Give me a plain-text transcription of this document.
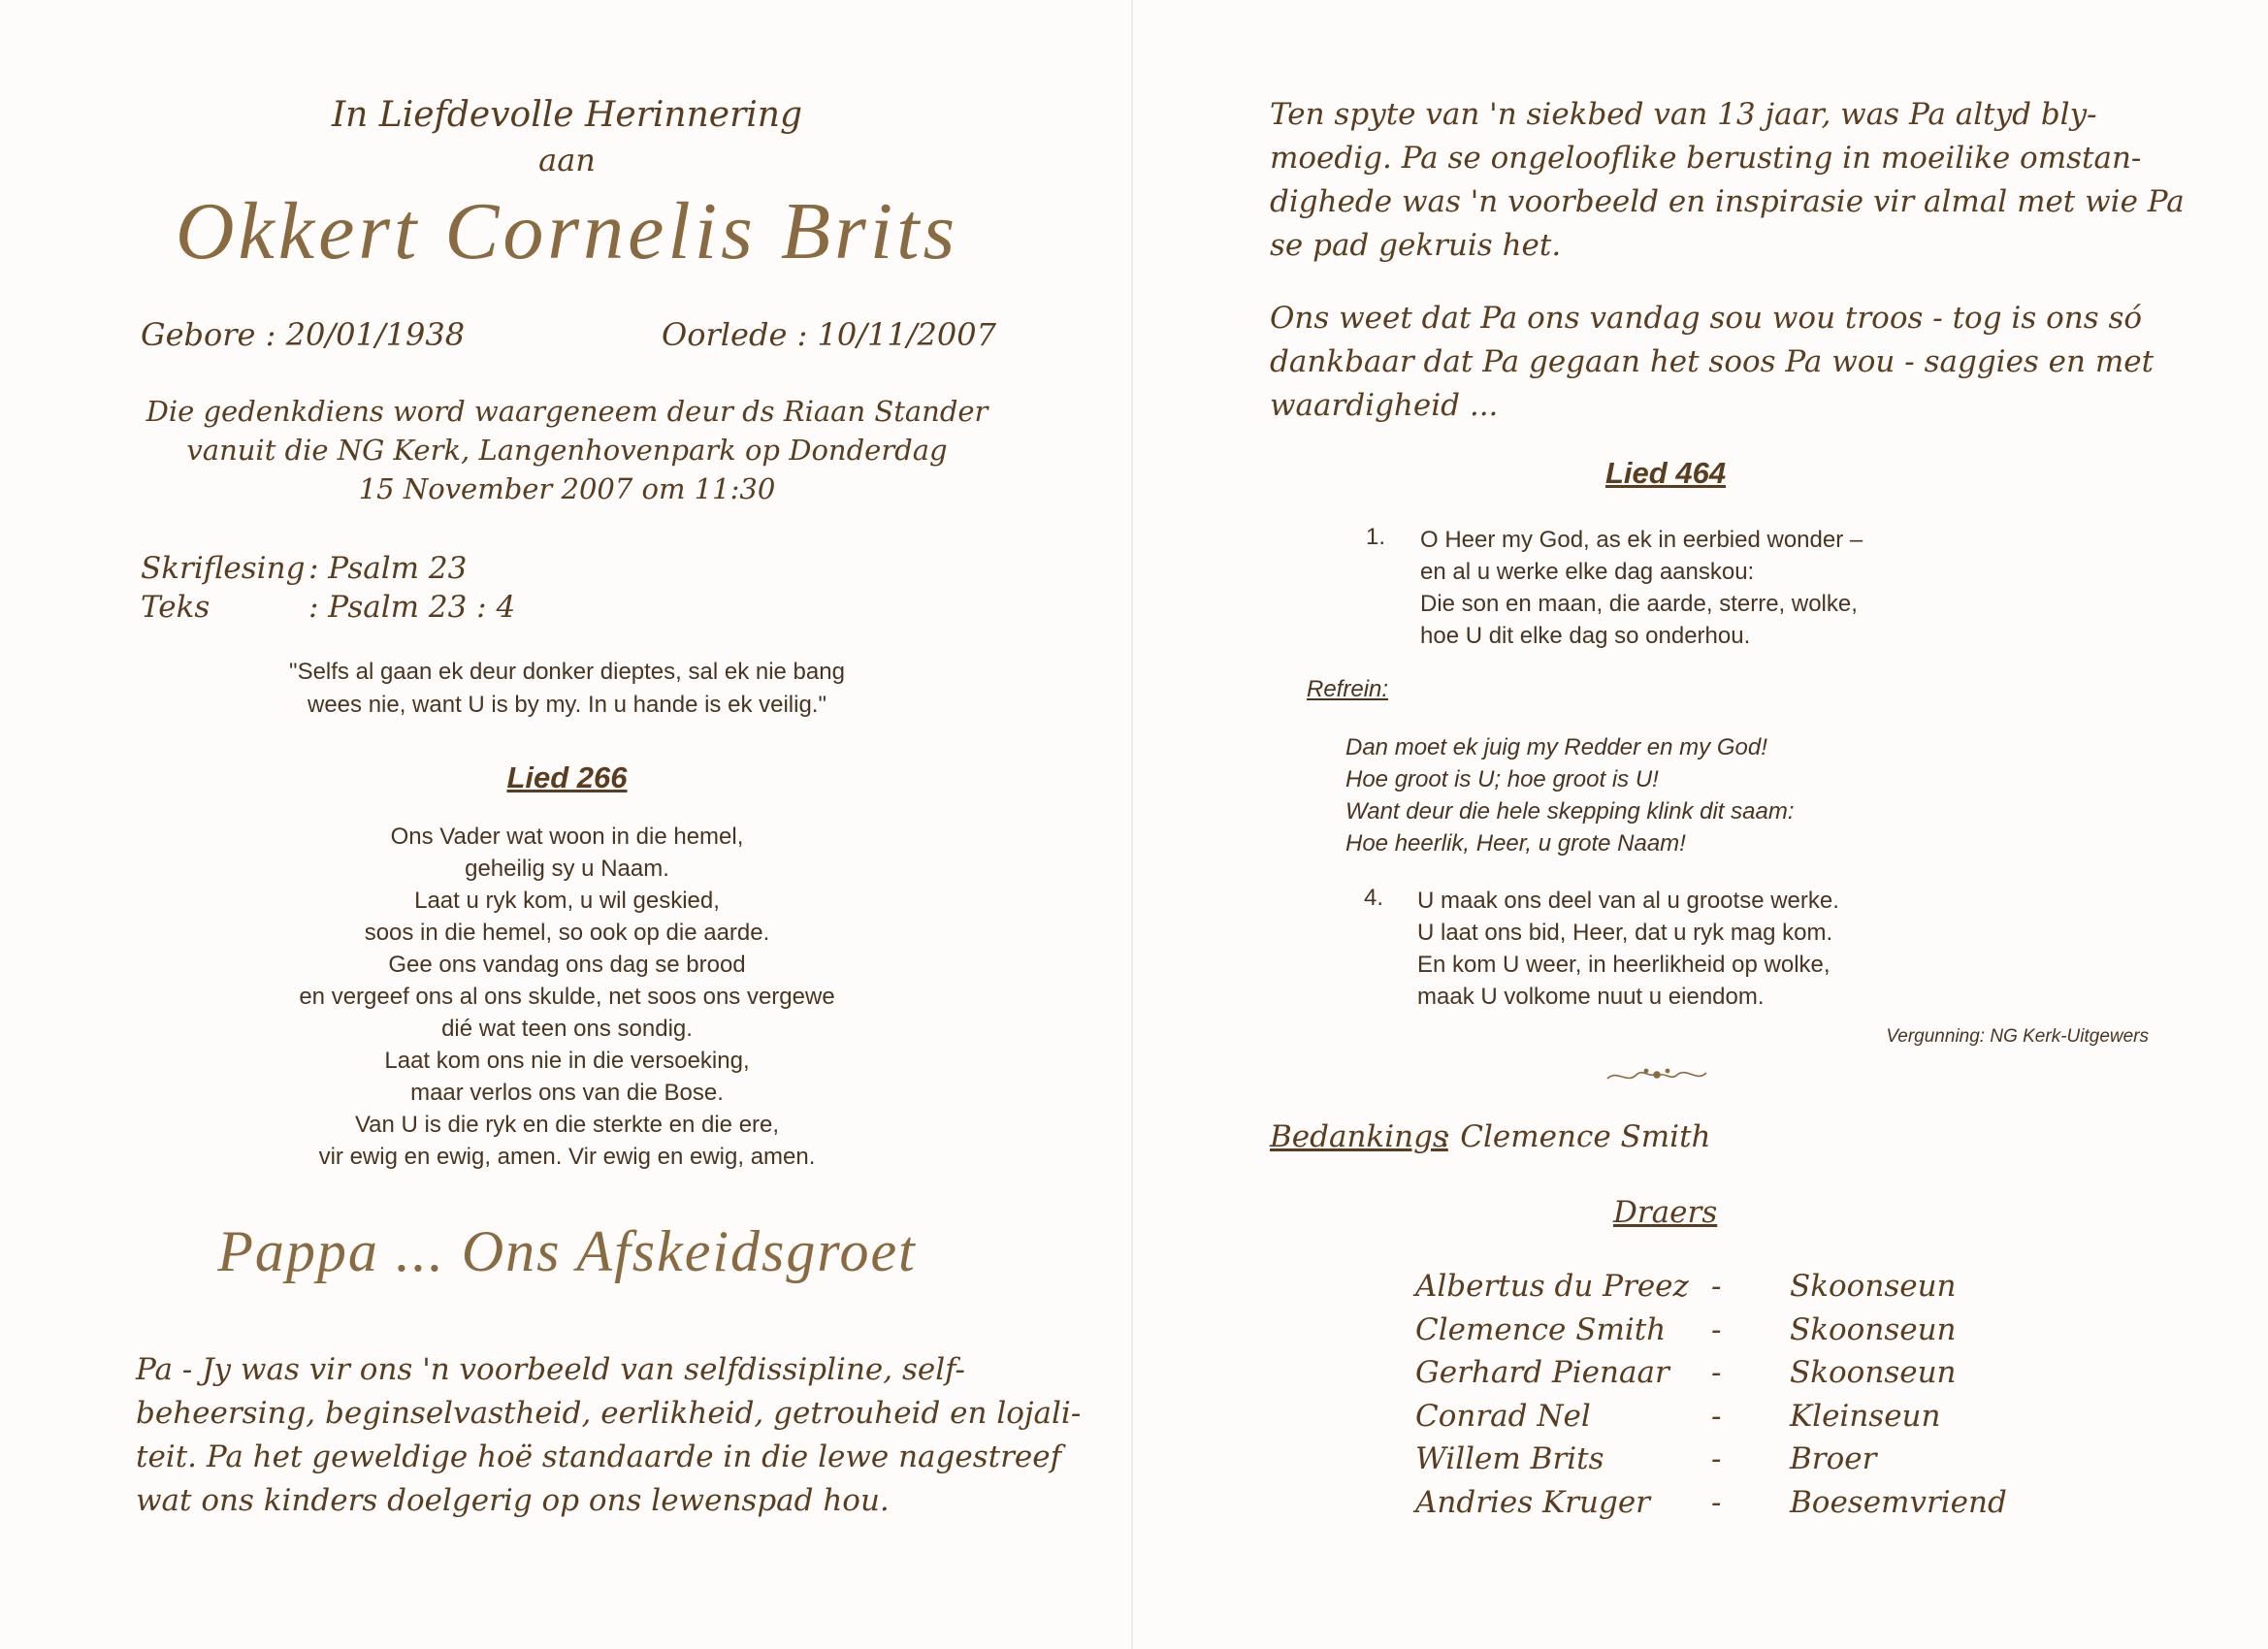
In Liefdevolle Herinnering
aan
Okkert Cornelis Brits
Gebore : 20/01/1938	Oorlede : 10/11/2007
Die gedenkdiens word waargeneem deur ds Riaan Stander
vanuit die NG Kerk, Langenhovenpark op Donderdag
15 November 2007 om 11:30
Skriflesing : Psalm 23
Teks	: Psalm 23 : 4
"Selfs al gaan ek deur donker dieptes, sal ek nie bang
wees nie, want U is by my. In u hande is ek veilig."
Lied 266
Ons Vader wat woon in die hemel,
geheilig sy u Naam.
Laat u ryk kom, u wil geskied,
soos in die hemel, so ook op die aarde.
Gee ons vandag ons dag se brood
en vergeef ons al ons skulde, net soos ons vergewe
dié wat teen ons sondig.
Laat kom ons nie in die versoeking,
maar verlos ons van die Bose.
Van U is die ryk en die sterkte en die ere,
vir ewig en ewig, amen. Vir ewig en ewig, amen.
Pappa ... Ons Afskeidsgroet
Pa - Jy was vir ons 'n voorbeeld van selfdissipline, self-
beheersing, beginselvastheid, eerlikheid, getrouheid en lojali-
teit. Pa het geweldige hoë standaarde in die lewe nagestreef
wat ons kinders doelgerig op ons lewenspad hou.
Ten spyte van 'n siekbed van 13 jaar, was Pa altyd bly-
moedig. Pa se ongelooflike berusting in moeilike omstan-
dighede was 'n voorbeeld en inspirasie vir almal met wie Pa
se pad gekruis het.
Ons weet dat Pa ons vandag sou wou troos - tog is ons só
dankbaar dat Pa gegaan het soos Pa wou - saggies en met
waardigheid ...
Lied 464
1. O Heer my God, as ek in eerbied wonder –
en al u werke elke dag aanskou:
Die son en maan, die aarde, sterre, wolke,
hoe U dit elke dag so onderhou.
Refrein:
Dan moet ek juig my Redder en my God!
Hoe groot is U; hoe groot is U!
Want deur die hele skepping klink dit saam:
Hoe heerlik, Heer, u grote Naam!
4. U maak ons deel van al u grootse werke.
U laat ons bid, Heer, dat u ryk mag kom.
En kom U weer, in heerlikheid op wolke,
maak U volkome nuut u eiendom.
Vergunning: NG Kerk-Uitgewers
Bedankings
: Clemence Smith
Draers
Albertus du Preez - Skoonseun
Clemence Smith - Skoonseun
Gerhard Pienaar - Skoonseun
Conrad Nel	- Kleinseun
Willem Brits	- Broer
Andries Kruger - Boesemvriend
